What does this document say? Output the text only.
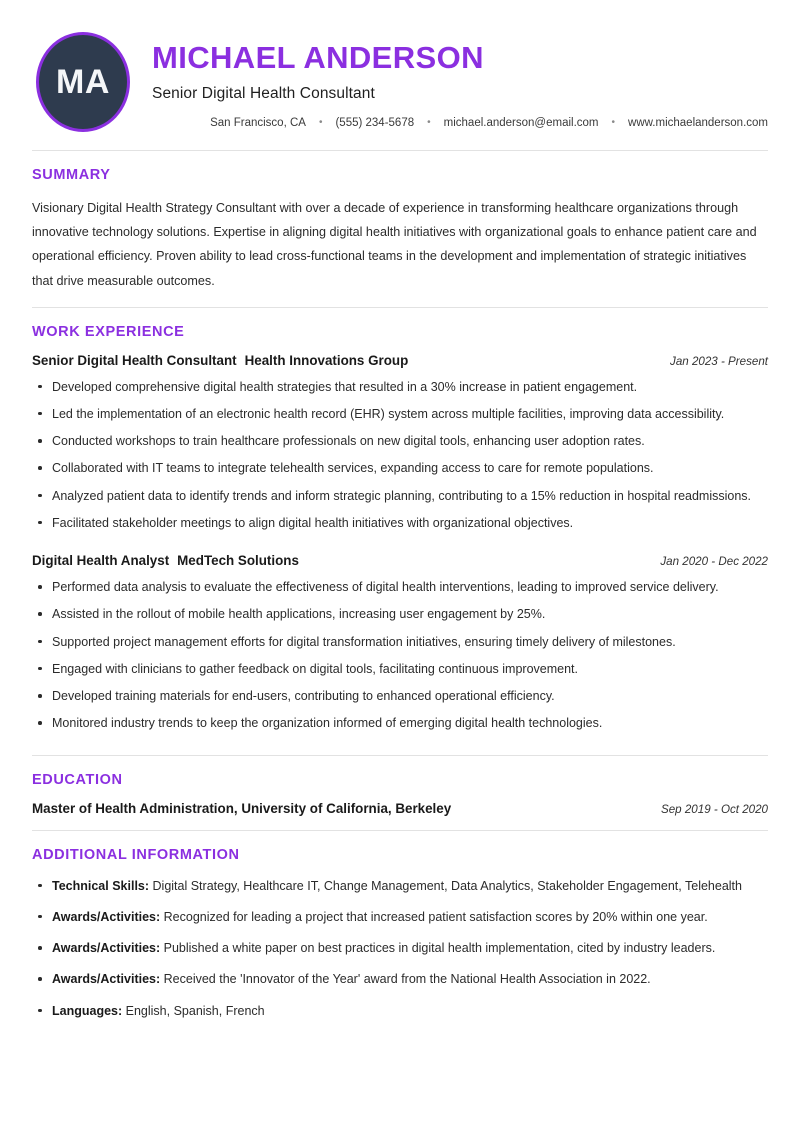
MA
MICHAEL ANDERSON
Senior Digital Health Consultant
San Francisco, CA • (555) 234-5678 • michael.anderson@email.com • www.michaelanderson.com
SUMMARY

Visionary Digital Health Strategy Consultant with over a decade of experience in transforming healthcare organizations through innovative technology solutions. Expertise in aligning digital health initiatives with organizational goals to enhance patient care and operational efficiency. Proven ability to lead cross-functional teams in the development and implementation of strategic initiatives that drive measurable outcomes.

WORK EXPERIENCE
Senior Digital Health Consultant Health Innovations Group	Jan 2023 - Present
Developed comprehensive digital health strategies that resulted in a 30% increase in patient engagement.
Led the implementation of an electronic health record (EHR) system across multiple facilities, improving data accessibility.
Conducted workshops to train healthcare professionals on new digital tools, enhancing user adoption rates.
Collaborated with IT teams to integrate telehealth services, expanding access to care for remote populations.
Analyzed patient data to identify trends and inform strategic planning, contributing to a 15% reduction in hospital readmissions.
Facilitated stakeholder meetings to align digital health initiatives with organizational objectives.
Digital Health Analyst MedTech Solutions	Jan 2020 - Dec 2022
Performed data analysis to evaluate the effectiveness of digital health interventions, leading to improved service delivery.
Assisted in the rollout of mobile health applications, increasing user engagement by 25%.
Supported project management efforts for digital transformation initiatives, ensuring timely delivery of milestones.
Engaged with clinicians to gather feedback on digital tools, facilitating continuous improvement.
Developed training materials for end-users, contributing to enhanced operational efficiency.
Monitored industry trends to keep the organization informed of emerging digital health technologies.
EDUCATION
Master of Health Administration, University of California, Berkeley	Sep 2019 - Oct 2020
ADDITIONAL INFORMATION
Technical Skills: Digital Strategy, Healthcare IT, Change Management, Data Analytics, Stakeholder Engagement, Telehealth
Awards/Activities: Recognized for leading a project that increased patient satisfaction scores by 20% within one year.
Awards/Activities: Published a white paper on best practices in digital health implementation, cited by industry leaders.
Awards/Activities: Received the 'Innovator of the Year' award from the National Health Association in 2022.
Languages: English, Spanish, French
